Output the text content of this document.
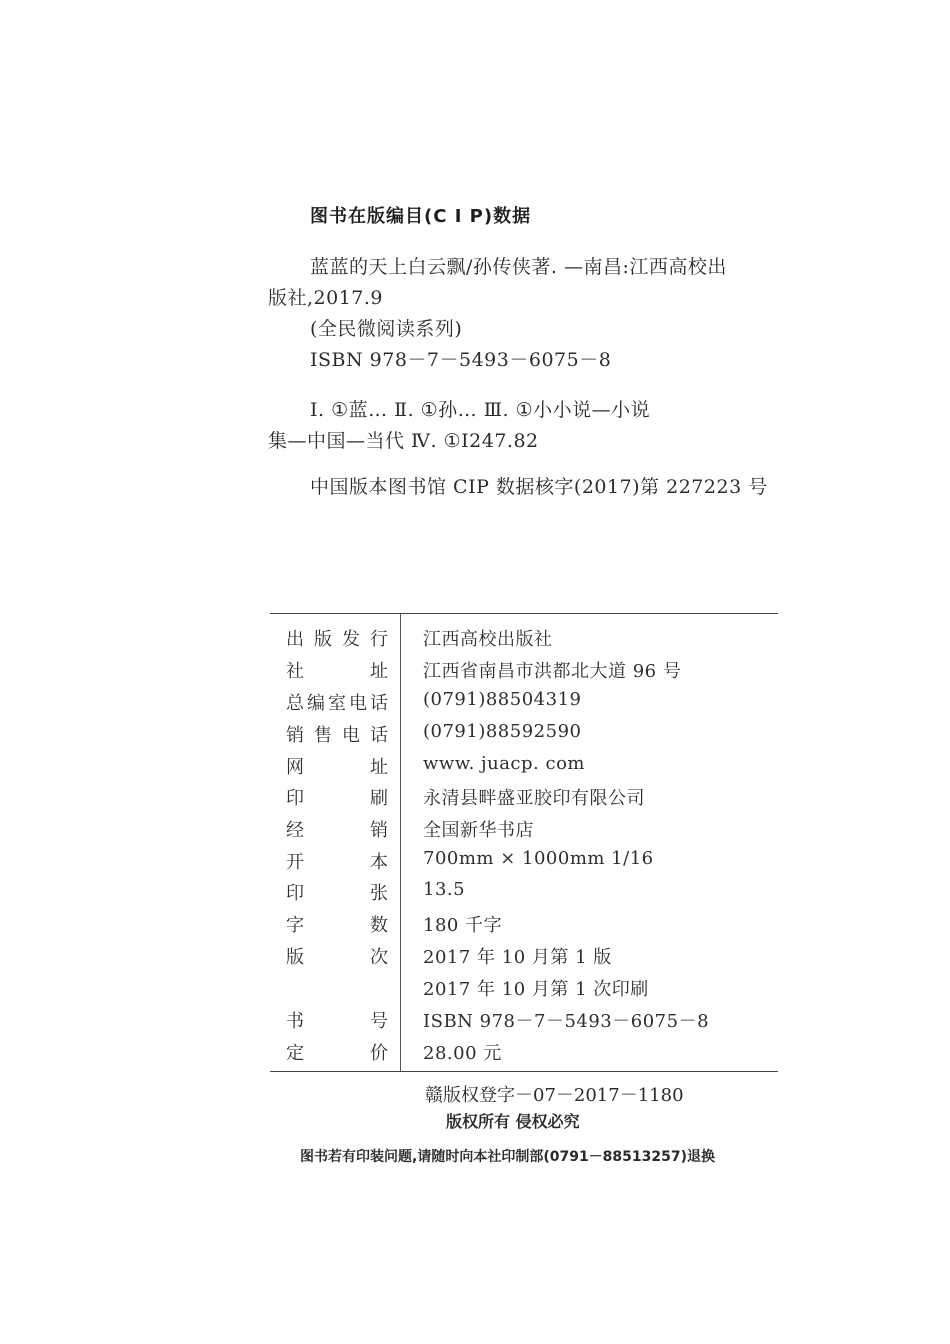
图书在版编目(C I P)数据
蓝蓝的天上白云飘/孙传侠著. —南昌:江西高校出
版社,2017.9
(全民微阅读系列)
ISBN 978－7－5493－6075－8
Ⅰ. ①蓝… Ⅱ. ①孙… Ⅲ. ①小小说—小说
集—中国—当代 Ⅳ. ①I247.82
中国版本图书馆 CIP 数据核字(2017)第 227223 号
出版发行 江西高校出版社
社址 江西省南昌市洪都北大道 96 号
总编室电话 (0791)88504319
销售电话 (0791)88592590
网址 www. juacp. com
印刷 永清县畔盛亚胶印有限公司
经销 全国新华书店
开本 700mm × 1000mm 1/16
印张 13.5
字数 180 千字
版次 2017 年 10 月第 1 版
2017 年 10 月第 1 次印刷
书号 ISBN 978－7－5493－6075－8
定价 28.00 元
赣版权登字－07－2017－1180
版权所有 侵权必究
图书若有印装问题,请随时向本社印制部(0791－88513257)退换
